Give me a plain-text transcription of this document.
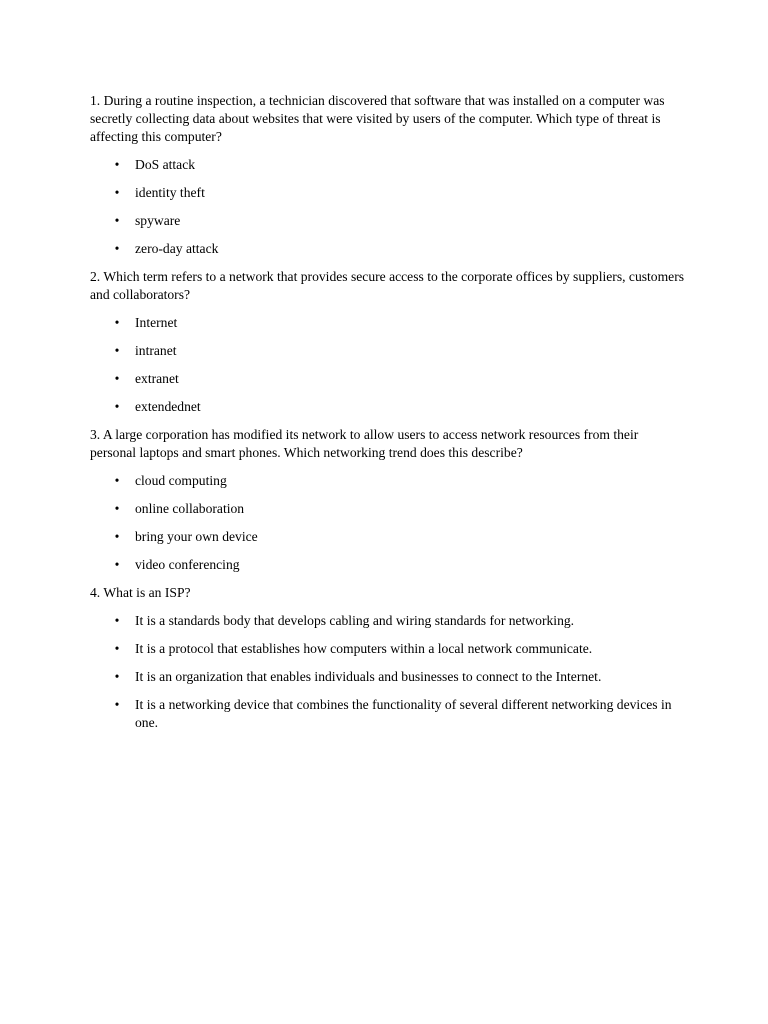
1. During a routine inspection, a technician discovered that software that was installed on a computer was secretly collecting data about websites that were visited by users of the computer. Which type of threat is affecting this computer?

• DoS attack
• identity theft
• spyware
• zero-day attack

2. Which term refers to a network that provides secure access to the corporate offices by suppliers, customers and collaborators?

• Internet
• intranet
• extranet
• extendednet

3. A large corporation has modified its network to allow users to access network resources from their personal laptops and smart phones. Which networking trend does this describe?

• cloud computing
• online collaboration
• bring your own device
• video conferencing

4. What is an ISP?

• It is a standards body that develops cabling and wiring standards for networking.
• It is a protocol that establishes how computers within a local network communicate.
• It is an organization that enables individuals and businesses to connect to the Internet.
• It is a networking device that combines the functionality of several different networking devices in one.
